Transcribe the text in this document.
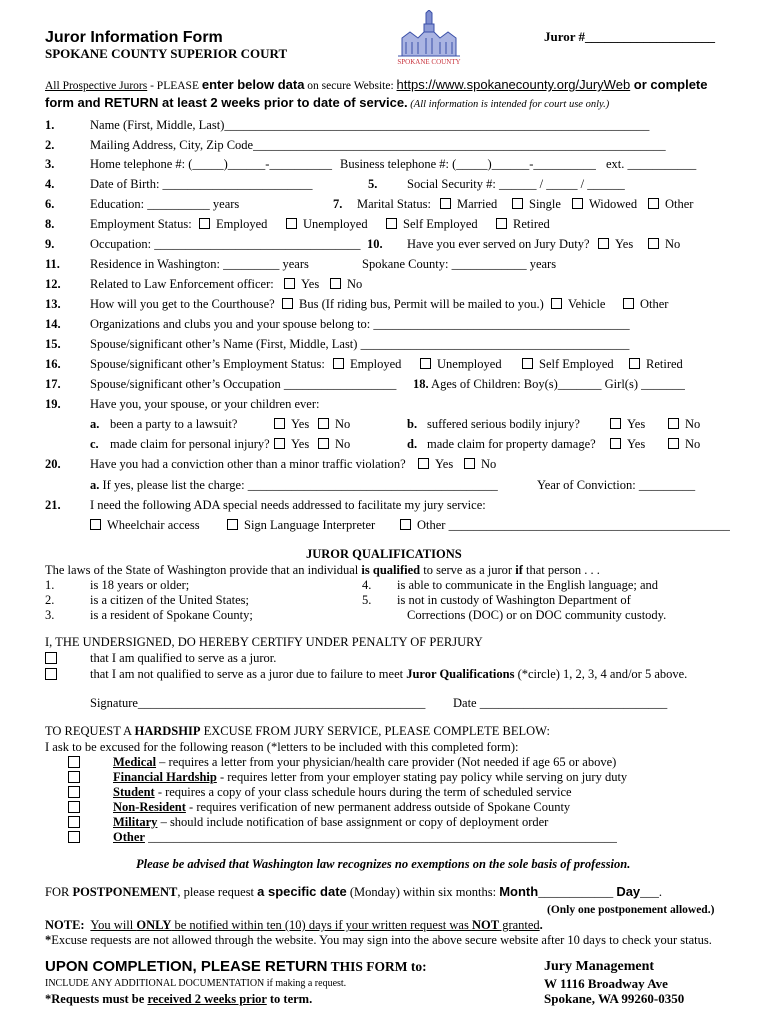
Juror Information Form
SPOKANE COUNTY SUPERIOR COURT
Juror #____________________
SPOKANE COUNTY
All Prospective Jurors - PLEASE enter below data on secure Website: https://www.spokanecounty.org/JuryWeb or complete
form and RETURN at least 2 weeks prior to date of service. (All information is intended for court use only.)
1.	Name (First, Middle, Last)____________________________________________________________________
2.	Mailing Address, City, Zip Code__________________________________________________________________
3.	Home telephone #: (_____)______-__________ Business telephone #: (_____)______-__________ ext. ___________
4.	Date of Birth: ________________________	5. Social Security #: ______ / _____ / ______
6.	Education: __________ years	7. Marital Status:	Married	Single	Widowed	Other
8.	Employment Status:	Employed	Unemployed	Self Employed	Retired
9.	Occupation: _________________________________ 10. Have you ever served on Jury Duty?	Yes	No
11. Residence in Washington: _________ years	Spokane County: ____________ years
12. Related to Law Enforcement officer:	Yes	No
13. How will you get to the Courthouse?	Bus (If riding bus, Permit will be mailed to you.)	Vehicle	Other
14. Organizations and clubs you and your spouse belong to: _________________________________________
15. Spouse/significant other’s Name (First, Middle, Last) ___________________________________________
16. Spouse/significant other’s Employment Status:	Employed	Unemployed	Self Employed	Retired
17. Spouse/significant other’s Occupation __________________ 18. Ages of Children: Boy(s)_______ Girl(s) _______
19. Have you, your spouse, or your children ever:
a. been a party to a lawsuit?	Yes	No	b. suffered serious bodily injury?	Yes	No
c. made claim for personal injury?	Yes	No	d. made claim for property damage?	Yes	No
20. Have you had a conviction other than a minor traffic violation?	Yes	No
a. If yes, please list the charge: ________________________________________	Year of Conviction: _________
21. I need the following ADA special needs addressed to facilitate my jury service:
Wheelchair access	Sign Language Interpreter	Other _____________________________________________
JUROR QUALIFICATIONS
The laws of the State of Washington provide that an individual is qualified to serve as a juror if that person . . .
1.	is 18 years or older;	4. is able to communicate in the English language; and
2.	is a citizen of the United States;	5. is not in custody of Washington Department of
3.	is a resident of Spokane County;	Corrections (DOC) or on DOC community custody.
I, THE UNDERSIGNED, DO HEREBY CERTIFY UNDER PENALTY OF PERJURY
that I am qualified to serve as a juror.
that I am not qualified to serve as a juror due to failure to meet Juror Qualifications (*circle) 1, 2, 3, 4 and/or 5 above.
Signature______________________________________________ Date ______________________________
TO REQUEST A HARDSHIP EXCUSE FROM JURY SERVICE, PLEASE COMPLETE BELOW:
I ask to be excused for the following reason (*letters to be included with this completed form):
Medical – requires a letter from your physician/health care provider (Not needed if age 65 or above)
Financial Hardship - requires letter from your employer stating pay policy while serving on jury duty
Student - requires a copy of your class schedule hours during the term of scheduled service
Non-Resident - requires verification of new permanent address outside of Spokane County
Military – should include notification of base assignment or copy of deployment order
Other ___________________________________________________________________________
Please be advised that Washington law recognizes no exemptions on the sole basis of profession.
FOR POSTPONEMENT, please request a specific date (Monday) within six months: Month____________ Day___.
(Only one postponement allowed.)
NOTE: You will ONLY be notified within ten (10) days if your written request was NOT granted.
*Excuse requests are not allowed through the website. You may sign into the above secure website after 10 days to check your status.
UPON COMPLETION, PLEASE RETURN THIS FORM to:	Jury Management
INCLUDE ANY ADDITIONAL DOCUMENTATION if making a request.	W 1116 Broadway Ave
*Requests must be received 2 weeks prior to term.	Spokane, WA 99260-0350
